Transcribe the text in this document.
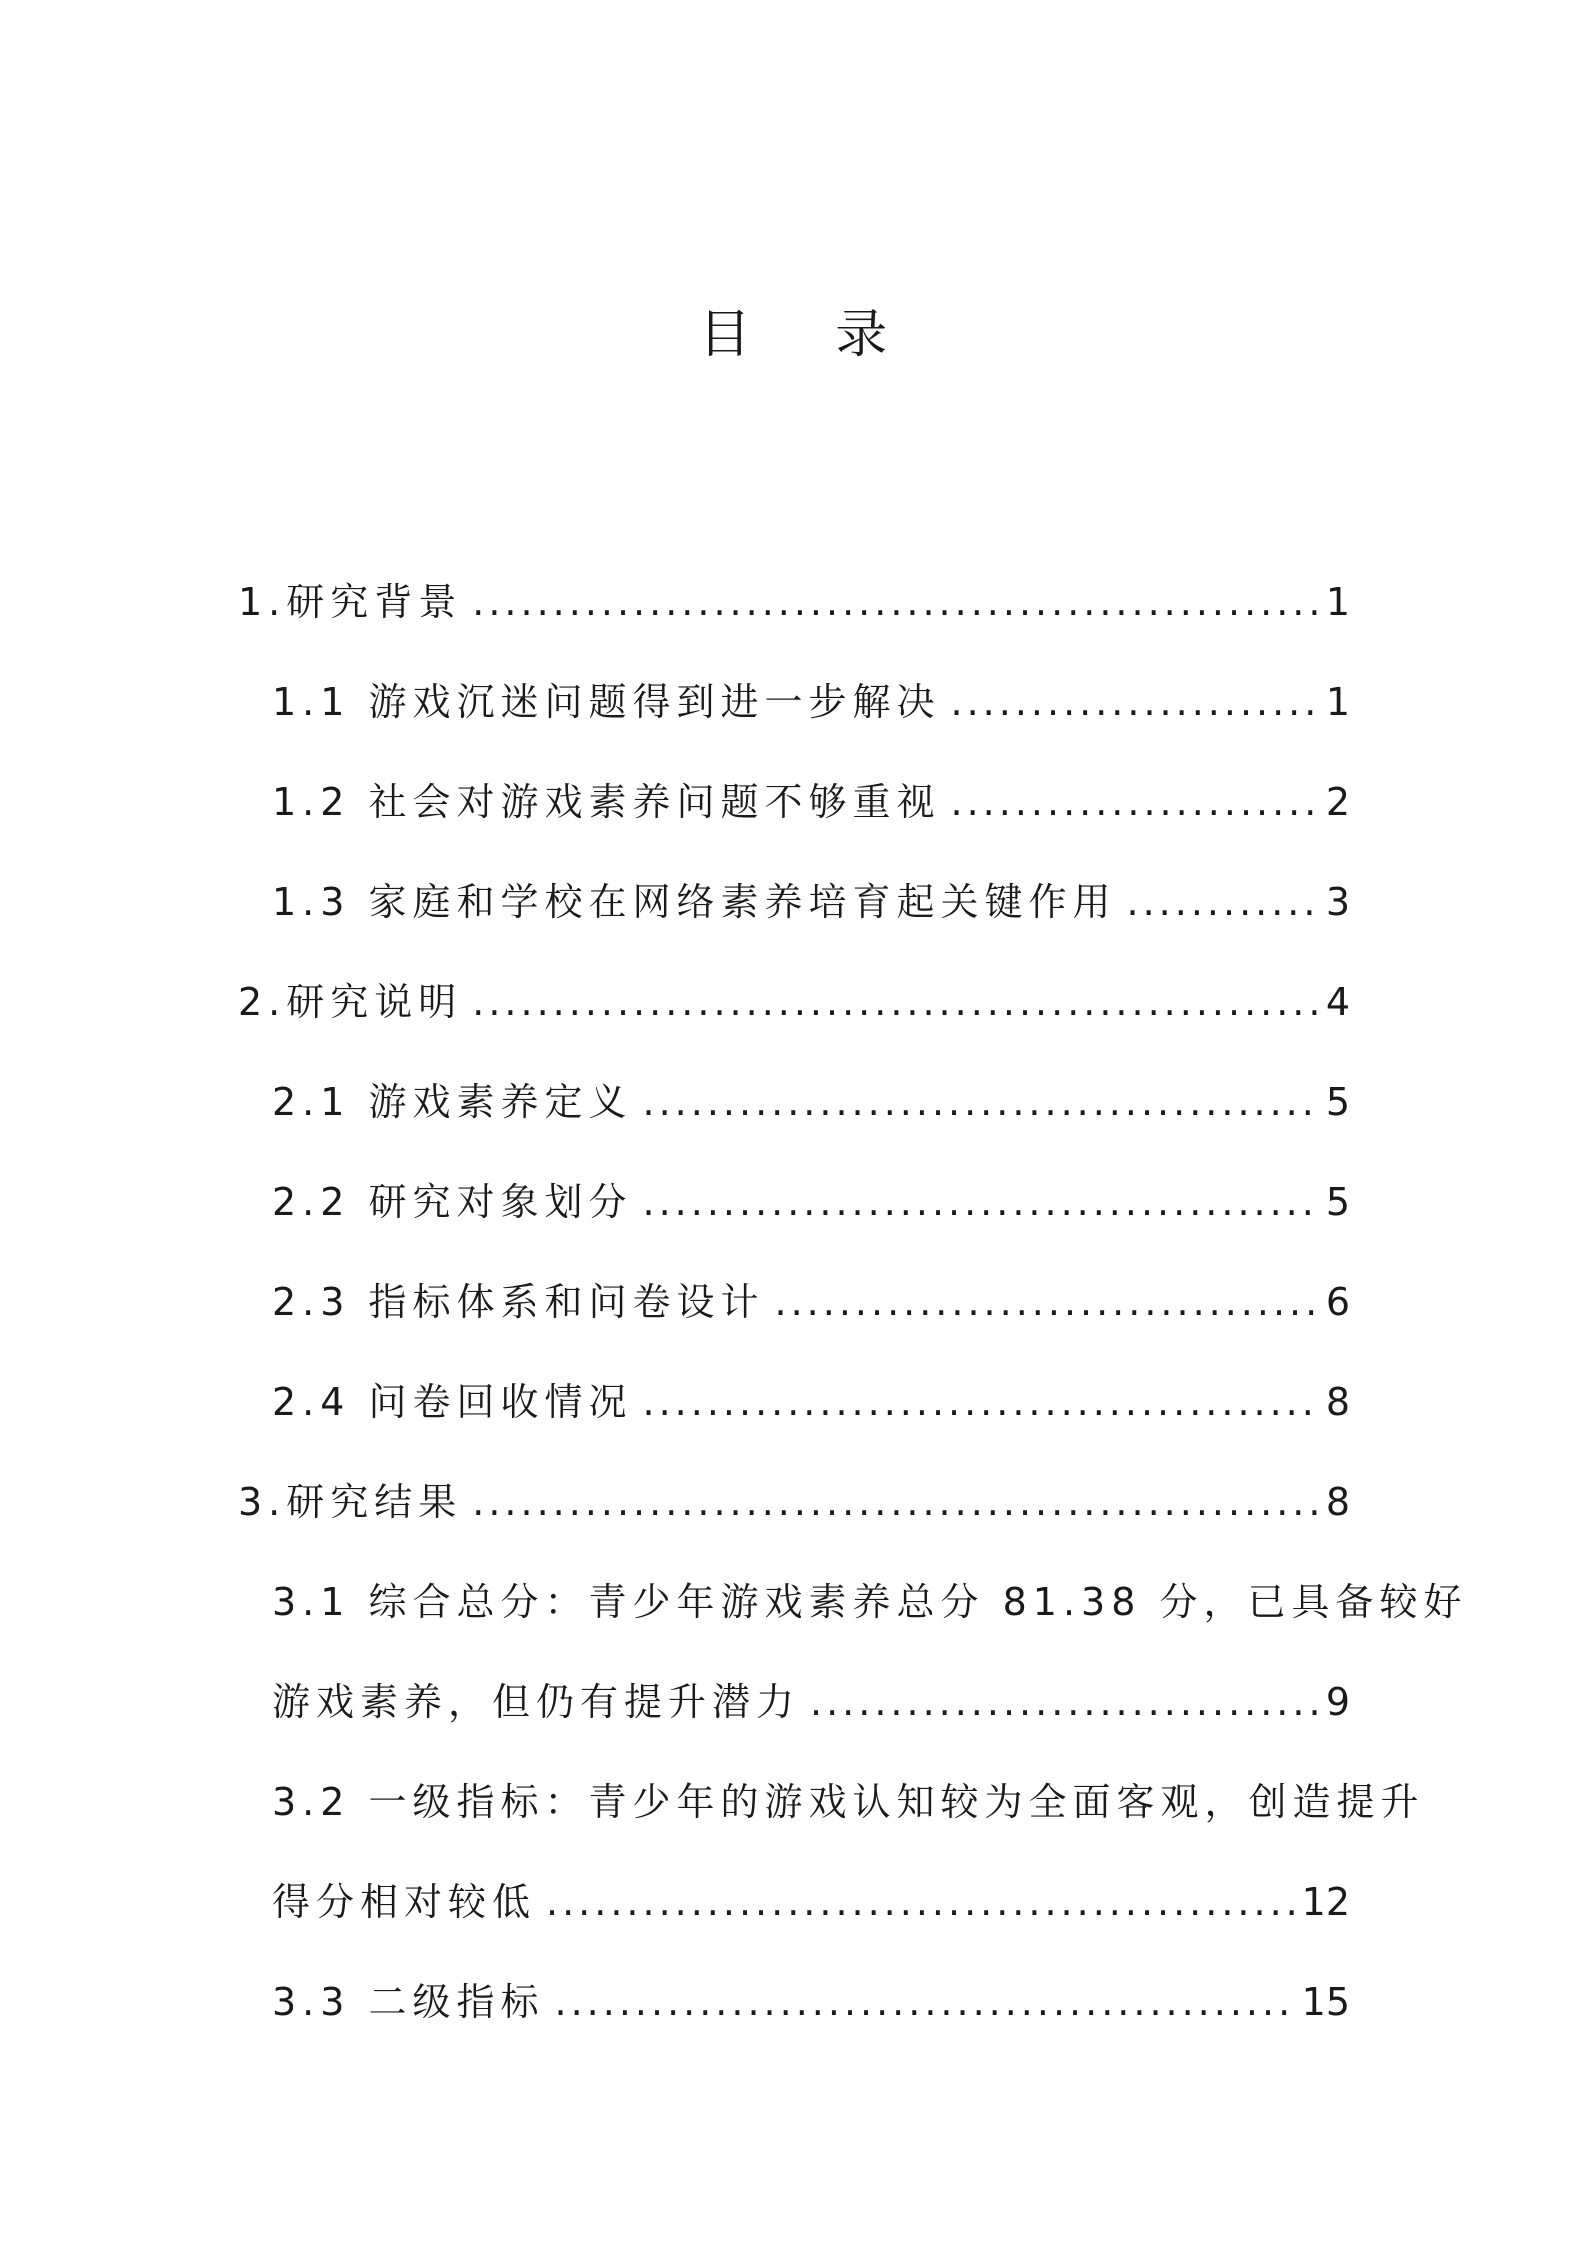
目 录
1.研究背景 .....	1
1.1 游戏沉迷问题得到进一步解决 .....	1
1.2 社会对游戏素养问题不够重视 .....	2
1.3 家庭和学校在网络素养培育起关键作用 .....	3
2.研究说明 .....	4
2.1 游戏素养定义 .....	5
2.2 研究对象划分 .....	5
2.3 指标体系和问卷设计 .....	6
2.4 问卷回收情况 .....	8
3.研究结果 .....	8
3.1 综合总分：青少年游戏素养总分 81.38 分，已具备较好
游戏素养，但仍有提升潜力 .....	9
3.2 一级指标：青少年的游戏认知较为全面客观，创造提升
得分相对较低 .....	12
3.3 二级指标 .....	15
